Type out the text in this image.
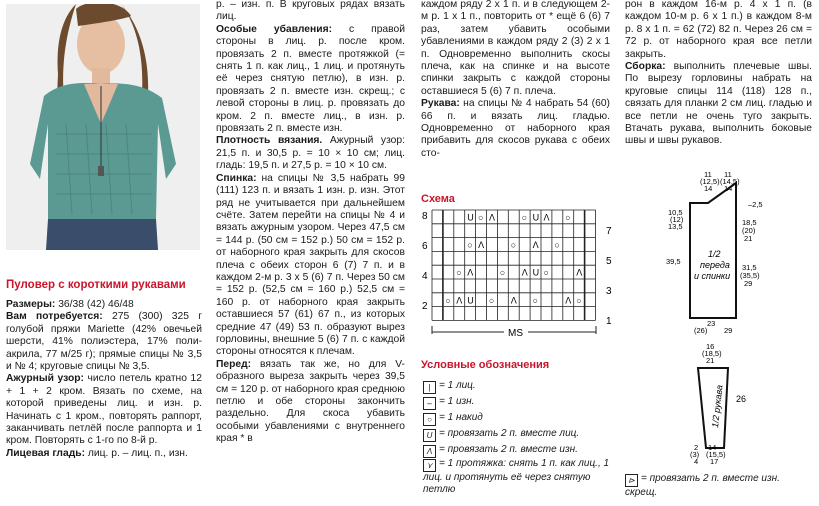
Пуловер с короткими рукавами

Размеры: 36/38 (42) 46/48

Вам потребуется: 275 (300) 325 г голубой пряжи Mariette (42% овечьей шерсти, 41% полиэстера, 17% поли-акрила, 77 м/25 г); прямые спицы № 3,5 и № 4; круговые спицы № 3,5.

Ажурный узор: число петель кратно 12 + 1 + 2 кром. Вязать по схеме, на которой приведены лиц. и изн. р. Начинать с 1 кром., повторять раппорт, заканчивать петлёй после раппорта и 1 кром. Повторять с 1-го по 8-й р.

Лицевая гладь: лиц. р. – лиц. п., изн.

р. – изн. п. В круговых рядах вязать лиц.

Особые убавления: с правой стороны в лиц. р. после кром. провязать 2 п. вместе протяжкой (= снять 1 п. как лиц., 1 лиц. и протянуть её через снятую петлю), в изн. р. провязать 2 п. вместе изн. скрещ.; с левой стороны в лиц. р. провязать до кром. 2 п. вместе лиц., в изн. р. провязать 2 п. вместе изн.

Плотность вязания. Ажурный узор: 21,5 п. и 30,5 р. = 10 × 10 см; лиц. гладь: 19,5 п. и 27,5 р. = 10 × 10 см.

Спинка: на спицы № 3,5 набрать 99 (111) 123 п. и вязать 1 изн. р. изн. Этот ряд не учитывается при дальнейшем счёте. Затем перейти на спицы № 4 и вязать ажурным узором. Через 47,5 см = 144 р. (50 см = 152 р.) 50 см = 152 р. от наборного края закрыть для скосов плеча с обеих сторон 6 (7) 7 п. и в каждом 2-м р. 3 х 5 (6) 7 п. Через 50 см = 152 р. (52,5 см = 160 р.) 52,5 см = 160 р. от наборного края закрыть оставшиеся 57 (61) 67 п., из которых средние 47 (49) 53 п. образуют вырез горловины, внешние 5 (6) 7 п. с каждой стороны относятся к плечам.

Перед: вязать так же, но для V-образного выреза закрыть через 39,5 см = 120 р. от наборного края среднюю петлю и обе стороны закончить раздельно. Для скоса убавить особыми убавлениями с внутреннего края * в

каждом ряду 2 х 1 п. и в следующем 2-м р. 1 х 1 п., повторить от * ещё 6 (6) 7 раз, затем убавить особыми убавлениями в каждом ряду 2 (3) 2 х 1 п. Одновременно выполнить скосы плеча, как на спинке и на высоте спинки закрыть с каждой стороны оставшиеся 5 (6) 7 п. плеча.

Рукава: на спицы № 4 набрать 54 (60) 66 п. и вязать лиц. гладью. Одновременно от наборного края прибавить для скосов рукава с обеих сто-

Схема
U ○ Λ	○ U Λ ○
○ Λ	○ Λ ○
○ Λ	○ Λ U ○	Λ
○ Λ U ○ Λ ○	Λ ○
8
6
4
2
7
5
3
1
MS
Условные обозначения
| = 1 лиц.
– = 1 изн.
○ = 1 накид
U = провязать 2 п. вместе лиц.
Λ = провязать 2 п. вместе изн.
⋎ = 1 протяжка: снять 1 п. как лиц., 1 лиц. и протянуть её через снятую петлю

рон в каждом 16-м р. 4 х 1 п. (в каждом 10-м р. 6 х 1 п.) в каждом 8-м р. 8 х 1 п. = 62 (72) 82 п. Через 26 см = 72 р. от наборного края все петли закрыть.

Сборка: выполнить плечевые швы. По вырезу горловины набрать на круговые спицы 114 (118) 128 п., связать для планки 2 см лиц. гладью и все петли не очень туго закрыть. Втачать рукава, выполнить боковые швы и швы рукавов.

11
(12,5)
14
11
(14,5)
14
10,5
(12)
13,5
–2,5
18,5
(20)
21
1/2
переда
и спинки
39,5
31,5
(35,5)
29
23
(26) 29
16
(18,5)
21
1/2 рукава 26
2
(3)
4
14
(15,5)
17
⊳ = провязать 2 п. вместе изн. скрещ.
